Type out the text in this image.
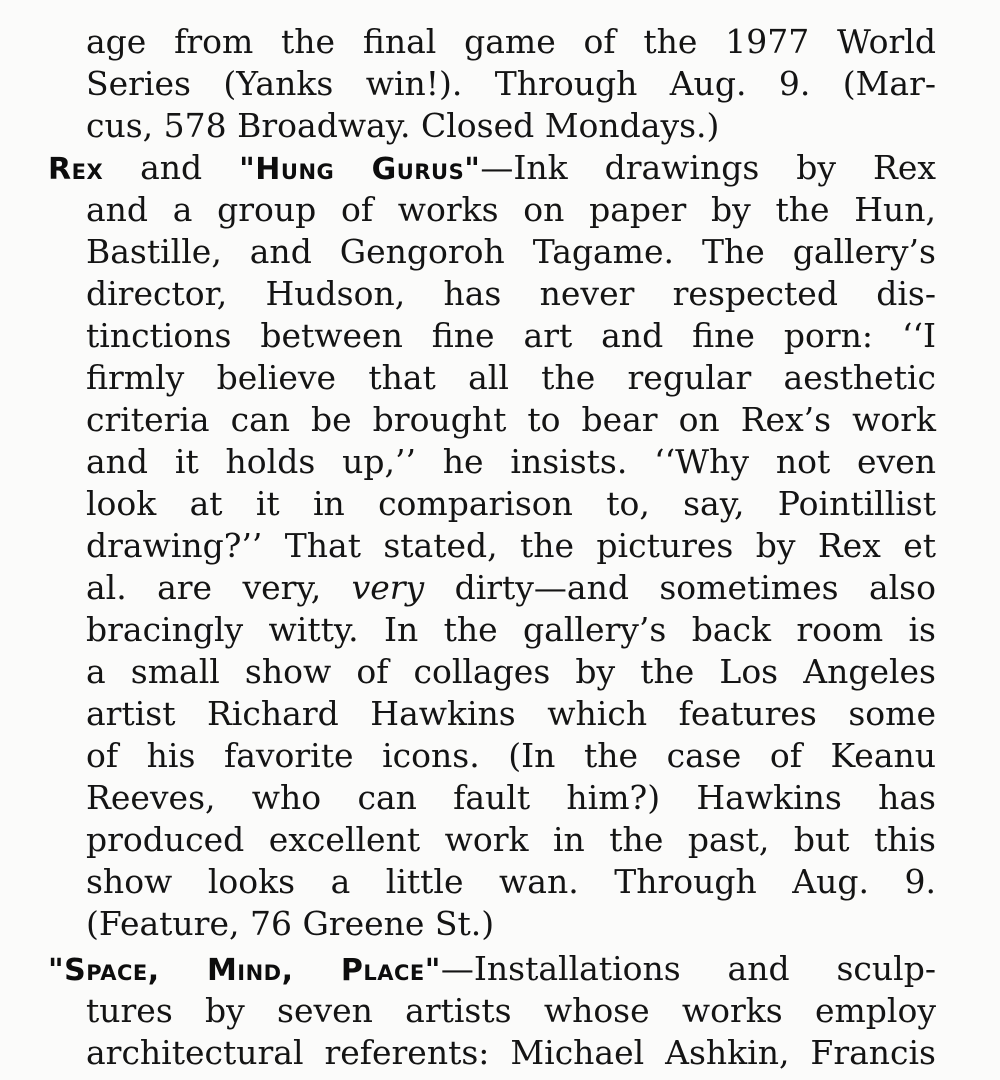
age from the final game of the 1977 World
Series (Yanks win!). Through Aug. 9. (Mar-
cus, 578 Broadway. Closed Mondays.)
Rex and "Hung Gurus"—Ink drawings by Rex
and a group of works on paper by the Hun,
Bastille, and Gengoroh Tagame. The gallery’s
director, Hudson, has never respected dis-
tinctions between fine art and fine porn: ‘‘I
firmly believe that all the regular aesthetic
criteria can be brought to bear on Rex’s work
and it holds up,’’ he insists. ‘‘Why not even
look at it in comparison to, say, Pointillist
drawing?’’ That stated, the pictures by Rex et
al. are very, very dirty—and sometimes also
bracingly witty. In the gallery’s back room is
a small show of collages by the Los Angeles
artist Richard Hawkins which features some
of his favorite icons. (In the case of Keanu
Reeves, who can fault him?) Hawkins has
produced excellent work in the past, but this
show looks a little wan. Through Aug. 9.
(Feature, 76 Greene St.)
"Space, Mind, Place"—Installations and sculp-
tures by seven artists whose works employ
architectural referents: Michael Ashkin, Francis
